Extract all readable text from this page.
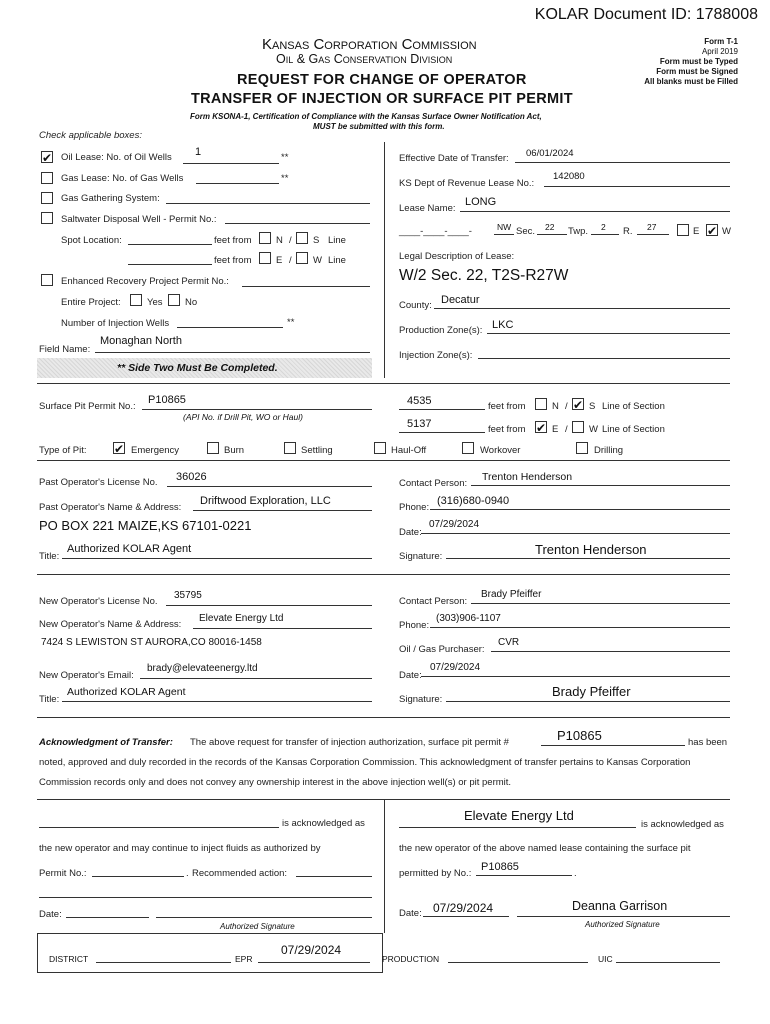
KOLAR Document ID: 1788008
Kansas Corporation Commission
Oil & Gas Conservation Division
REQUEST FOR CHANGE OF OPERATOR
TRANSFER OF INJECTION OR SURFACE PIT PERMIT
Form KSONA-1, Certification of Compliance with the Kansas Surface Owner Notification Act,
MUST be submitted with this form.
Form T-1
April 2019
Form must be Typed
Form must be Signed
All blanks must be Filled
Check applicable boxes:
✔
Oil Lease: No. of Oil Wells 1	**
Gas Lease: No. of Gas Wells	**
Gas Gathering System:
Saltwater Disposal Well - Permit No.:
Spot Location:	feet from	N / S Line
feet from	E / W Line
Enhanced Recovery Project Permit No.:
Entire Project:	Yes No
Number of Injection Wells	**
Field Name:
Monaghan North
** Side Two Must Be Completed.
Effective Date of Transfer: 06/01/2024
KS Dept of Revenue Lease No.:
142080
Lease Name:
LONG
____-____-____-	NW Sec. 22 Twp. 2 R. 27	E ✔ W
Legal Description of Lease:
W/2 Sec. 22, T2S-R27W
County: Decatur
Production Zone(s): LKC
Injection Zone(s):
Surface Pit Permit No.:
P10865
(API No. if Drill Pit, WO or Haul)
4535	feet from	N / ✔ S Line of Section
5137	feet from ✔	E / W Line of Section
Type of Pit: ✔	Emergency	Burn	Settling	Haul-Off	Workover	Drilling
Past Operator's License No. 36026
Past Operator's Name & Address:
Driftwood Exploration, LLC
PO BOX 221 MAIZE,KS 67101-0221
Title:
Authorized KOLAR Agent
Contact Person:
Trenton Henderson
Phone:
(316)680-0940
Date:
07/29/2024
Signature:	Trenton Henderson
New Operator's License No.
35795
New Operator's Name & Address:
Elevate Energy Ltd
7424 S LEWISTON ST AURORA,CO 80016-1458
New Operator's Email:
brady@elevateenergy.ltd
Title:
Authorized KOLAR Agent
Contact Person:
Brady Pfeiffer
Phone:
(303)906-1107
Oil / Gas Purchaser:
CVR
Date:
07/29/2024
Signature:
Brady Pfeiffer
Acknowledgment of Transfer: The above request for transfer of injection authorization, surface pit permit #	P10865	has been
noted, approved and duly recorded in the records of the Kansas Corporation Commission. This acknowledgment of transfer pertains to Kansas Corporation
Commission records only and does not convey any ownership interest in the above injection well(s) or pit permit.
is acknowledged as
the new operator and may continue to inject fluids as authorized by
Permit No.:	. Recommended action:
Date:
Authorized Signature
Elevate Energy Ltd
is acknowledged as
the new operator of the above named lease containing the surface pit
permitted by No.:
P10865
.
Date: 07/29/2024	Deanna Garrison
Authorized Signature
DISTRICT	EPR
07/29/2024
PRODUCTION	UIC
